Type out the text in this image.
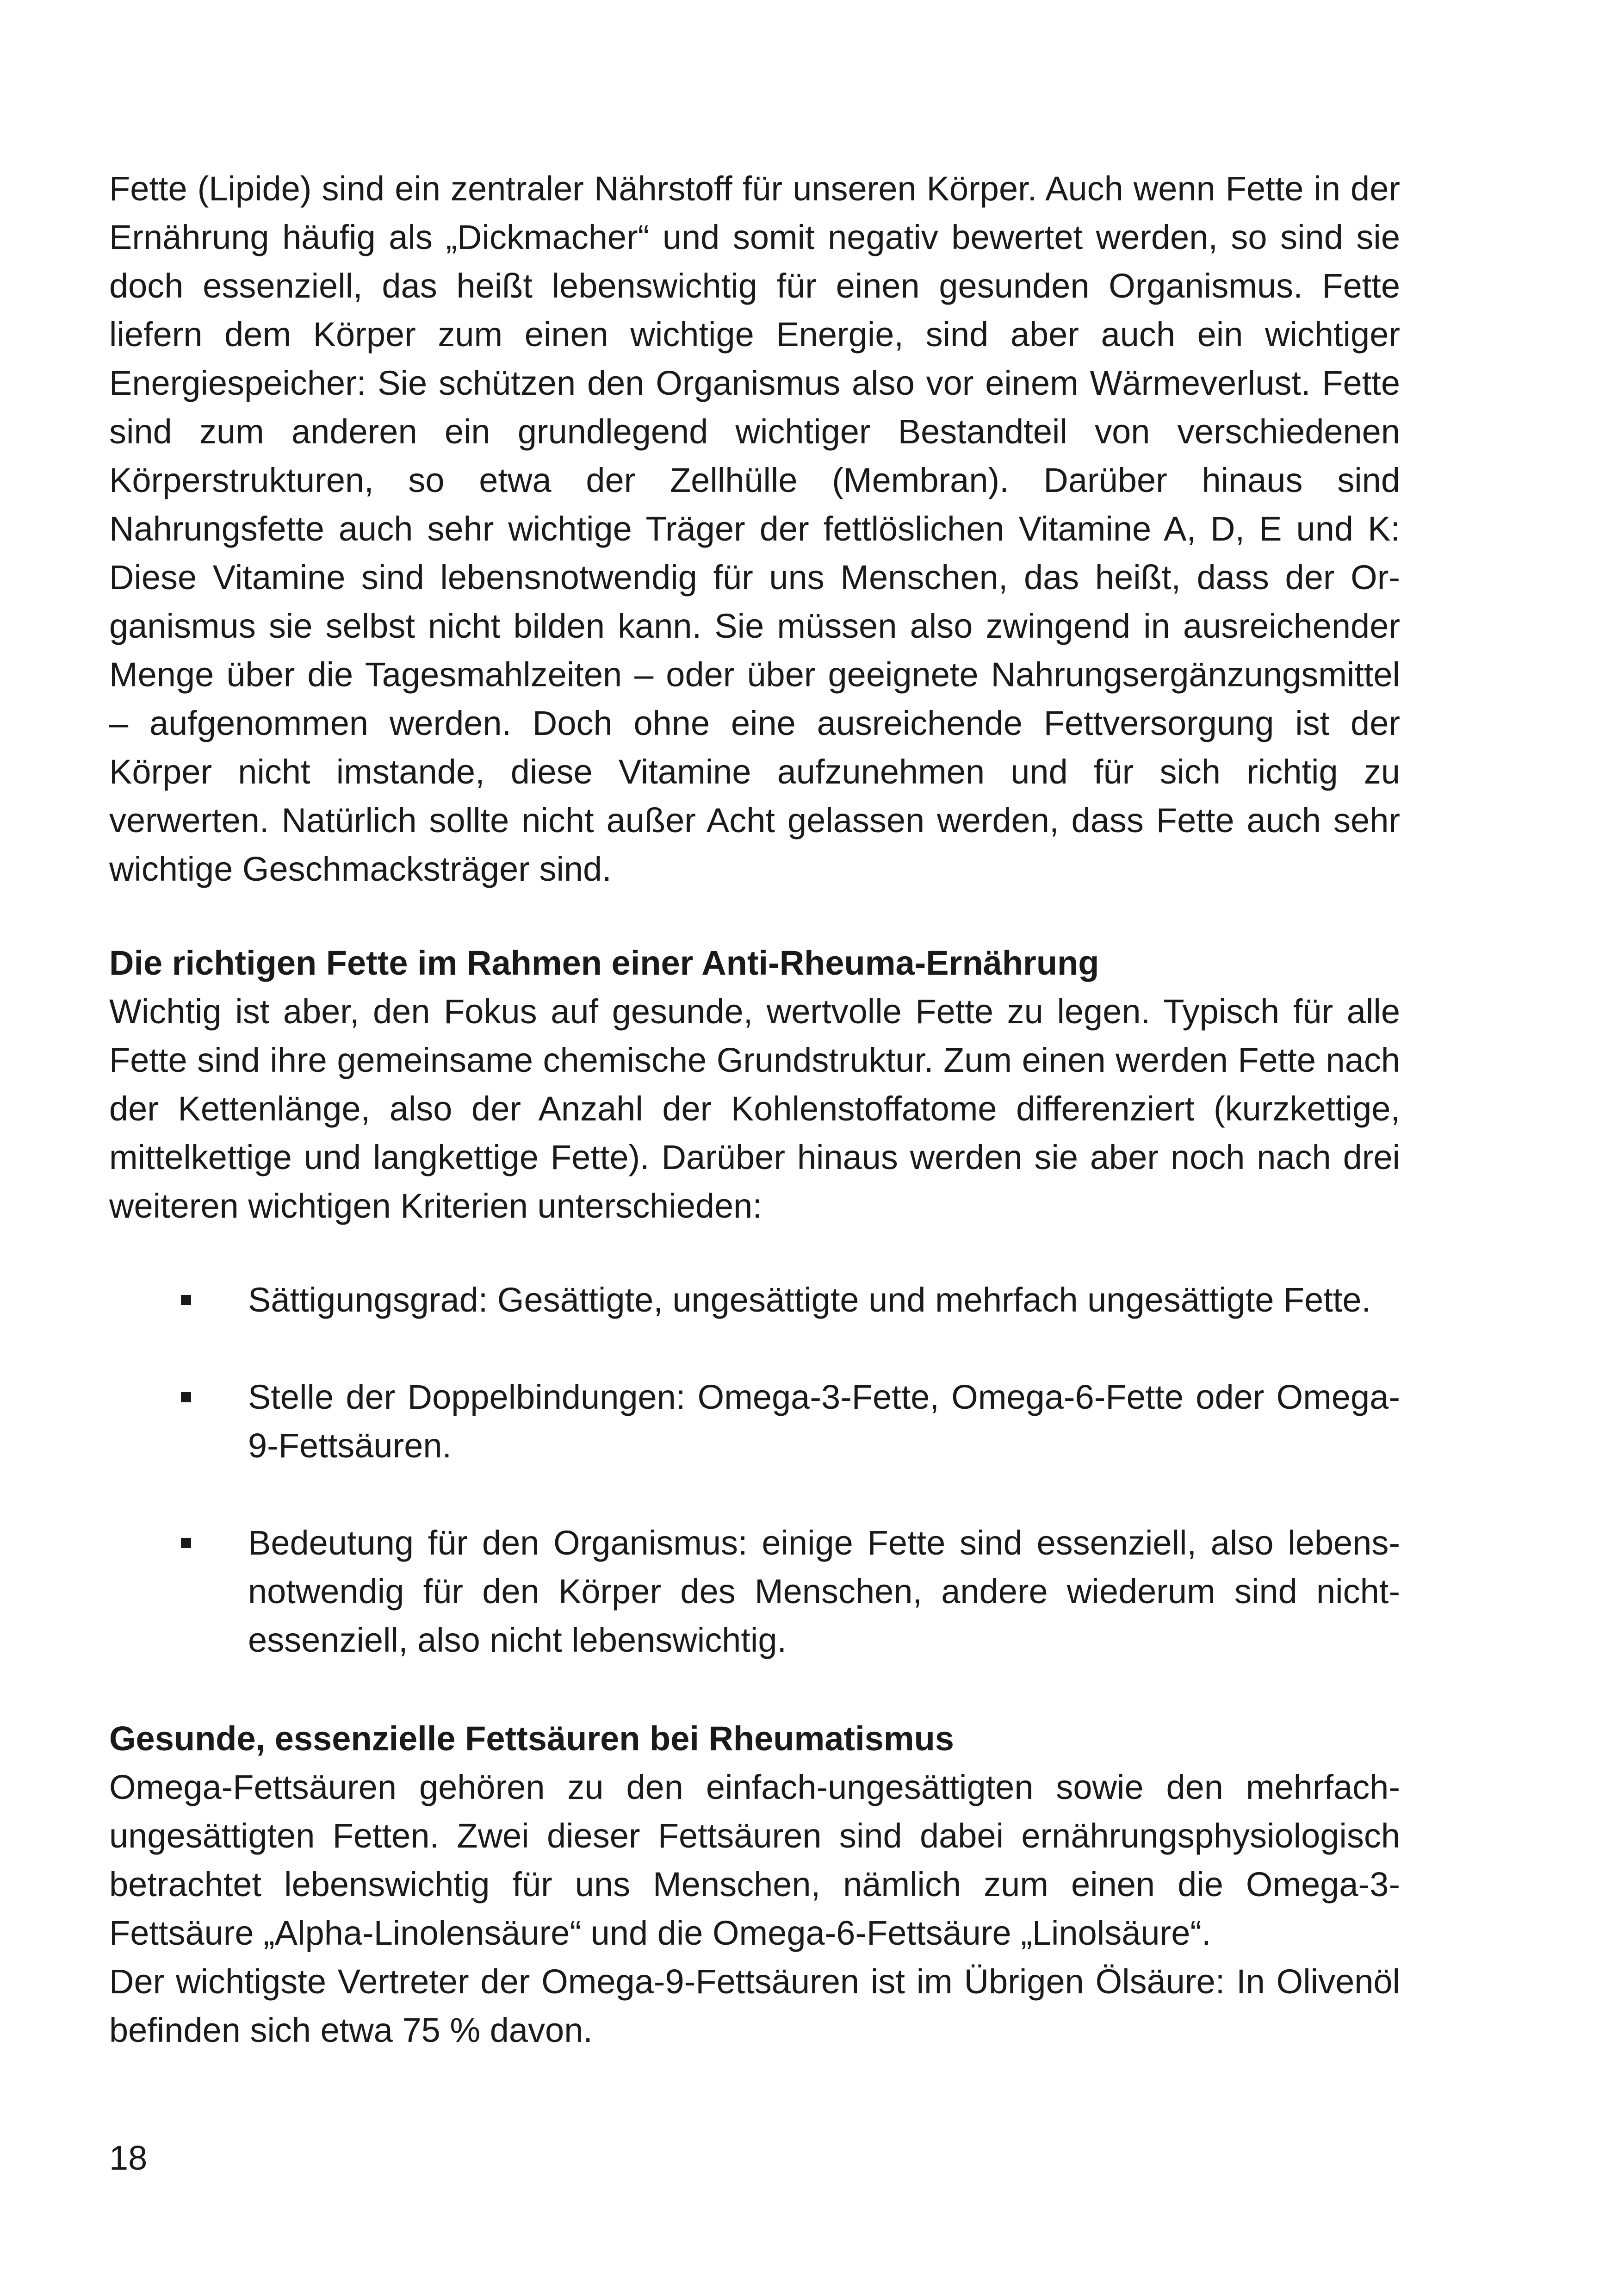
Fette (Lipide) sind ein zentraler Nährstoff für unseren Körper. Auch wenn Fette in der Ernährung häufig als „Dickmacher“ und somit negativ bewertet werden, so sind sie doch essenziell, das heißt lebenswichtig für einen gesunden Organismus. Fette liefern dem Körper zum einen wichtige Energie, sind aber auch ein wichtiger Energiespeicher: Sie schützen den Organismus also vor einem Wärmeverlust. Fette sind zum anderen ein grundlegend wichtiger Bestandteil von verschiedenen Körperstrukturen, so etwa der Zellhülle (Membran). Darüber hinaus sind Nahrungsfette auch sehr wichtige Träger der fettlöslichen Vitamine A, D, E und K: Diese Vitamine sind lebensnotwendig für uns Menschen, das heißt, dass der Organismus sie selbst nicht bilden kann. Sie müssen also zwingend in ausreichender Menge über die Tagesmahlzeiten – oder über geeignete Nahrungsergänzungsmittel – aufgenommen werden. Doch ohne eine ausreichende Fettversorgung ist der Körper nicht imstande, diese Vitamine aufzunehmen und für sich richtig zu verwerten. Natürlich sollte nicht außer Acht gelassen werden, dass Fette auch sehr wichtige Geschmacksträger sind.

Die richtigen Fette im Rahmen einer Anti-Rheuma-Ernährung

Wichtig ist aber, den Fokus auf gesunde, wertvolle Fette zu legen. Typisch für alle Fette sind ihre gemeinsame chemische Grundstruktur. Zum einen werden Fette nach der Kettenlänge, also der Anzahl der Kohlenstoffatome differenziert (kurzkettige, mittelkettige und langkettige Fette). Darüber hinaus werden sie aber noch nach drei weiteren wichtigen Kriterien unterschieden:

Sättigungsgrad: Gesättigte, ungesättigte und mehrfach ungesättigte Fette.
Stelle der Doppelbindungen: Omega-3-Fette, Omega-6-Fette oder Omega-9-Fettsäuren.
Bedeutung für den Organismus: einige Fette sind essenziell, also lebensnotwendig für den Körper des Menschen, andere wiederum sind nichtessenziell, also nicht lebenswichtig.
Gesunde, essenzielle Fettsäuren bei Rheumatismus

Omega-Fettsäuren gehören zu den einfach-ungesättigten sowie den mehrfachungesättigten Fetten. Zwei dieser Fettsäuren sind dabei ernährungsphysiologisch betrachtet lebenswichtig für uns Menschen, nämlich zum einen die Omega-3-Fettsäure „Alpha-Linolensäure“ und die Omega-6-Fettsäure „Linolsäure“.

Der wichtigste Vertreter der Omega-9-Fettsäuren ist im Übrigen Ölsäure: In Olivenöl befinden sich etwa 75 % davon.

18
